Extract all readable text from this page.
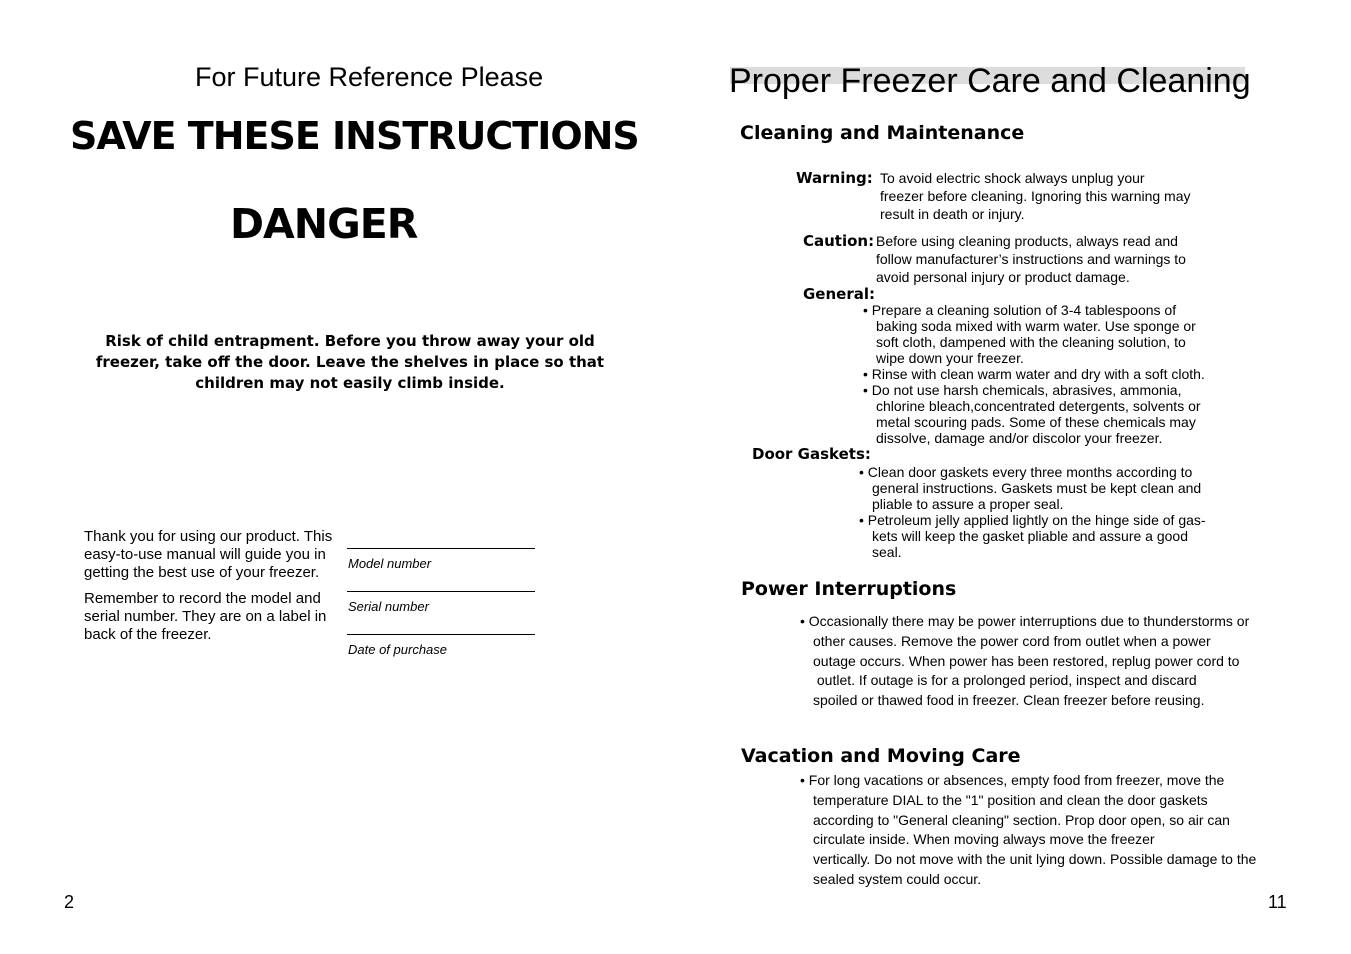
For Future Reference Please
SAVE THESE INSTRUCTIONS
DANGER
Risk of child entrapment. Before you throw away your old
freezer, take off the door. Leave the shelves in place so that
children may not easily climb inside.

Thank you for using our product. This easy-to-use manual will guide you in getting the best use of your freezer.

Remember to record the model and serial number. They are on a label in back of the freezer.

Model number
Serial number
Date of purchase
2
Proper Freezer Care and Cleaning
Cleaning and Maintenance
Warning: To avoid electric shock always unplug your
freezer before cleaning. Ignoring this warning may
result in death or injury.
Caution: Before using cleaning products, always read and
follow manufacturer’s instructions and warnings to
avoid personal injury or product damage.
General:
• Prepare a cleaning solution of 3-4 tablespoons of
baking soda mixed with warm water. Use sponge or
soft cloth, dampened with the cleaning solution, to
wipe down your freezer.
• Rinse with clean warm water and dry with a soft cloth.
• Do not use harsh chemicals, abrasives, ammonia,
chlorine bleach,concentrated detergents, solvents or
metal scouring pads. Some of these chemicals may
dissolve, damage and/or discolor your freezer.
Door Gaskets:
• Clean door gaskets every three months according to
general instructions. Gaskets must be kept clean and
pliable to assure a proper seal.
• Petroleum jelly applied lightly on the hinge side of gas-
kets will keep the gasket pliable and assure a good
seal.
Power Interruptions
• Occasionally there may be power interruptions due to thunderstorms or
other causes. Remove the power cord from outlet when a power
outage occurs. When power has been restored, replug power cord to
outlet. If outage is for a prolonged period, inspect and discard
spoiled or thawed food in freezer. Clean freezer before reusing.
Vacation and Moving Care
• For long vacations or absences, empty food from freezer, move the
temperature DIAL to the "1" position and clean the door gaskets
according to "General cleaning" section. Prop door open, so air can
circulate inside. When moving always move the freezer
vertically. Do not move with the unit lying down. Possible damage to the
sealed system could occur.
11
